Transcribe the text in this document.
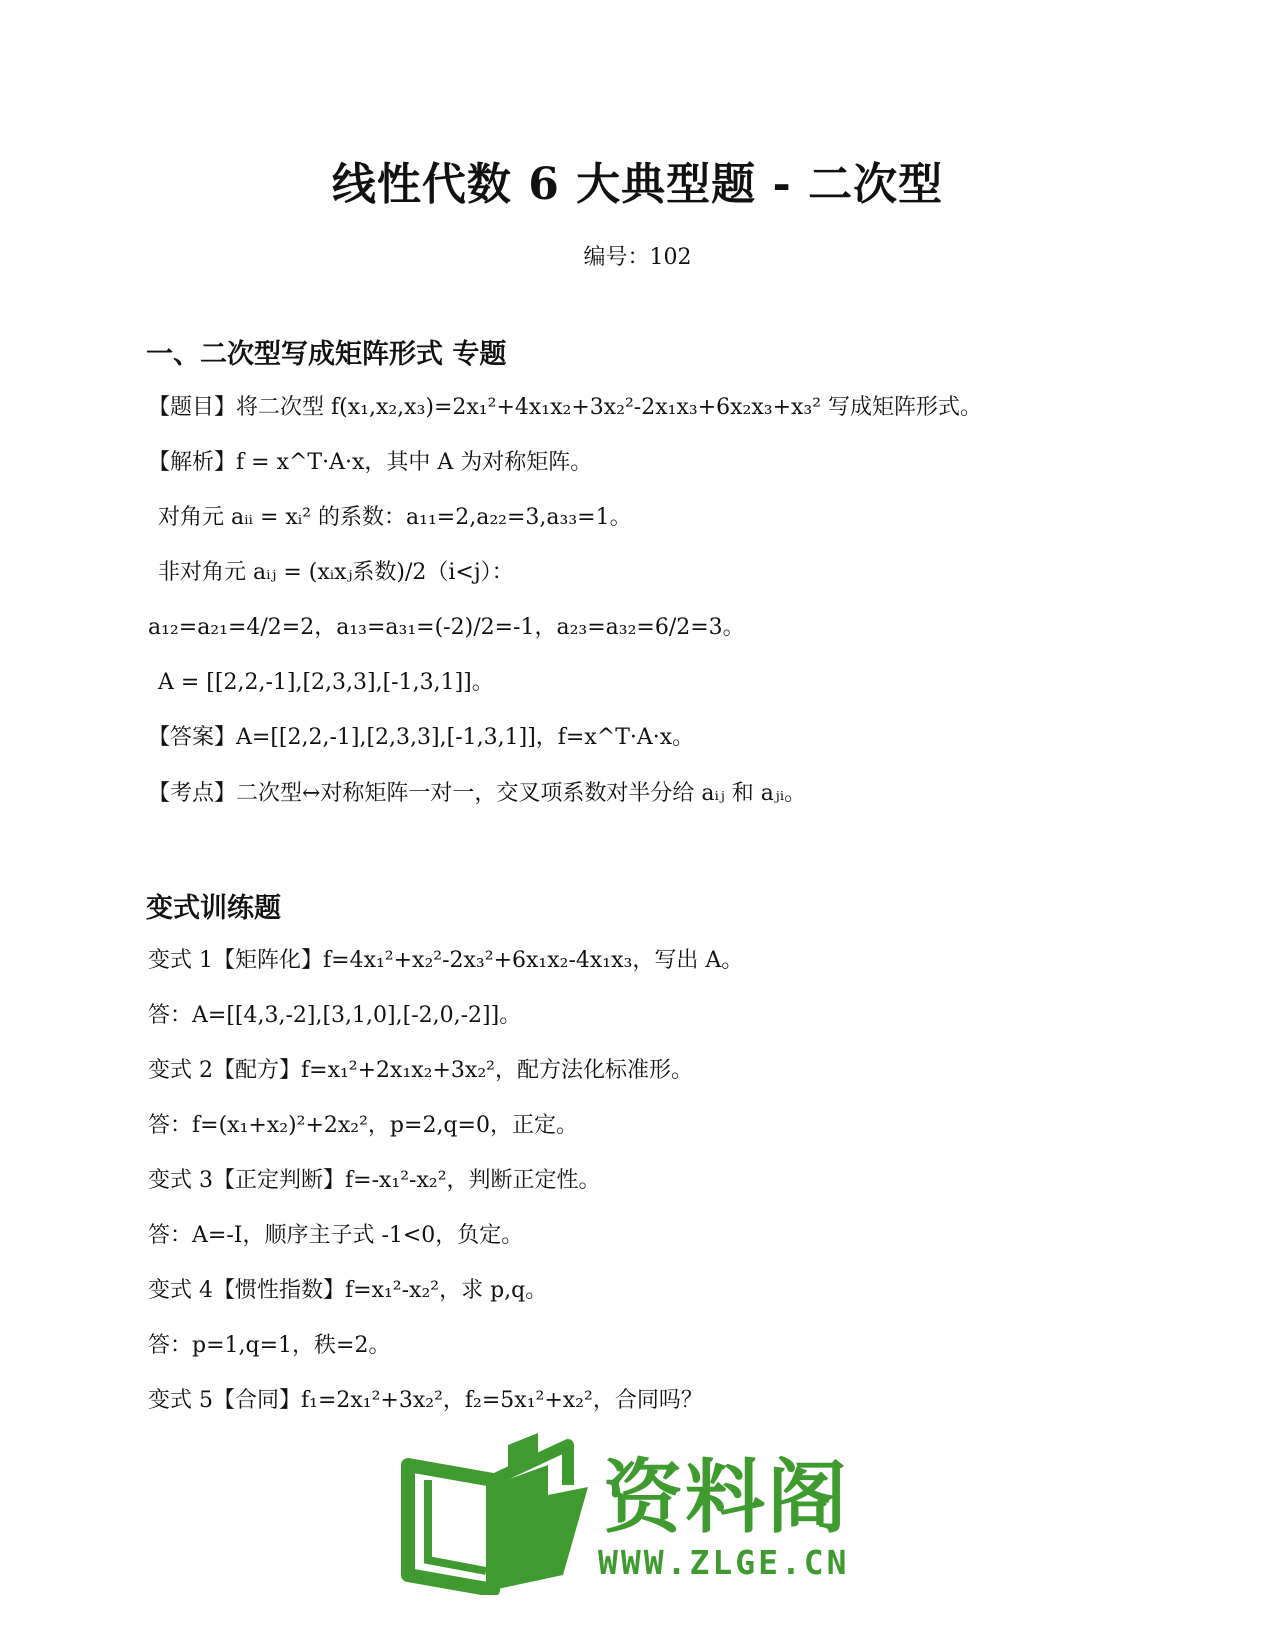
线性代数 6 大典型题 - 二次型
编号：102
一、二次型写成矩阵形式 专题
【题目】将二次型 f(x₁,x₂,x₃)=2x₁²+4x₁x₂+3x₂²-2x₁x₃+6x₂x₃+x₃² 写成矩阵形式。
【解析】f = x^T·A·x，其中 A 为对称矩阵。
对角元 aᵢᵢ = xᵢ² 的系数：a₁₁=2,a₂₂=3,a₃₃=1。
非对角元 aᵢⱼ = (xᵢxⱼ系数)/2（i<j）：
a₁₂=a₂₁=4/2=2，a₁₃=a₃₁=(-2)/2=-1，a₂₃=a₃₂=6/2=3。
A = [[2,2,-1],[2,3,3],[-1,3,1]]。
【答案】A=[[2,2,-1],[2,3,3],[-1,3,1]]，f=x^T·A·x。
【考点】二次型↔对称矩阵一对一，交叉项系数对半分给 aᵢⱼ 和 aⱼᵢ。
变式训练题
变式 1【矩阵化】f=4x₁²+x₂²-2x₃²+6x₁x₂-4x₁x₃，写出 A。
答：A=[[4,3,-2],[3,1,0],[-2,0,-2]]。
变式 2【配方】f=x₁²+2x₁x₂+3x₂²，配方法化标准形。
答：f=(x₁+x₂)²+2x₂²，p=2,q=0，正定。
变式 3【正定判断】f=-x₁²-x₂²，判断正定性。
答：A=-I，顺序主子式 -1<0，负定。
变式 4【惯性指数】f=x₁²-x₂²，求 p,q。
答：p=1,q=1，秩=2。
变式 5【合同】f₁=2x₁²+3x₂²，f₂=5x₁²+x₂²，合同吗？
资料阁
WWW.ZLGE.CN
